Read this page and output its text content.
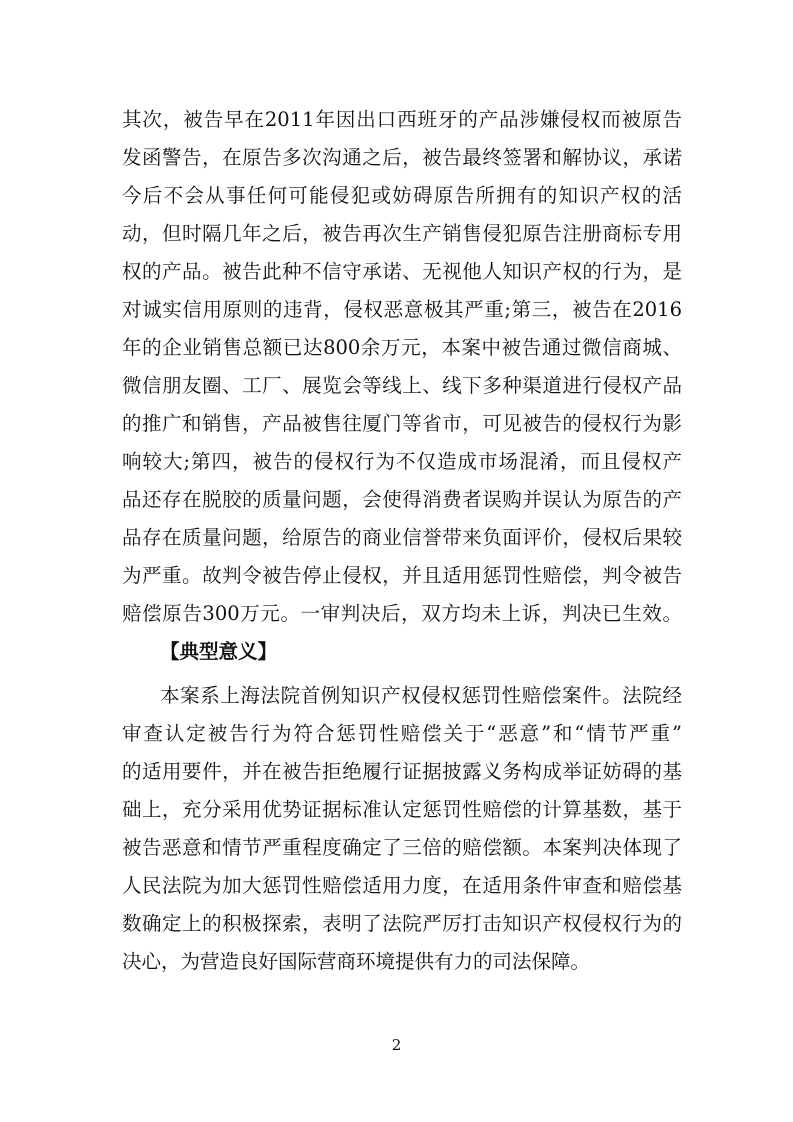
其次，被告早在2011年因出口西班牙的产品涉嫌侵权而被原告
发函警告，在原告多次沟通之后，被告最终签署和解协议，承诺
今后不会从事任何可能侵犯或妨碍原告所拥有的知识产权的活
动，但时隔几年之后，被告再次生产销售侵犯原告注册商标专用
权的产品。被告此种不信守承诺、无视他人知识产权的行为，是
对诚实信用原则的违背，侵权恶意极其严重;第三，被告在2016
年的企业销售总额已达800余万元，本案中被告通过微信商城、
微信朋友圈、工厂、展览会等线上、线下多种渠道进行侵权产品
的推广和销售，产品被售往厦门等省市，可见被告的侵权行为影
响较大;第四，被告的侵权行为不仅造成市场混淆，而且侵权产
品还存在脱胶的质量问题，会使得消费者误购并误认为原告的产
品存在质量问题，给原告的商业信誉带来负面评价，侵权后果较
为严重。故判令被告停止侵权，并且适用惩罚性赔偿，判令被告
赔偿原告300万元。一审判决后，双方均未上诉，判决已生效。
【典型意义】
本案系上海法院首例知识产权侵权惩罚性赔偿案件。法院经
审查认定被告行为符合惩罚性赔偿关于“恶意”和“情节严重”
的适用要件，并在被告拒绝履行证据披露义务构成举证妨碍的基
础上，充分采用优势证据标准认定惩罚性赔偿的计算基数，基于
被告恶意和情节严重程度确定了三倍的赔偿额。本案判决体现了
人民法院为加大惩罚性赔偿适用力度，在适用条件审查和赔偿基
数确定上的积极探索，表明了法院严厉打击知识产权侵权行为的
决心，为营造良好国际营商环境提供有力的司法保障。
2
